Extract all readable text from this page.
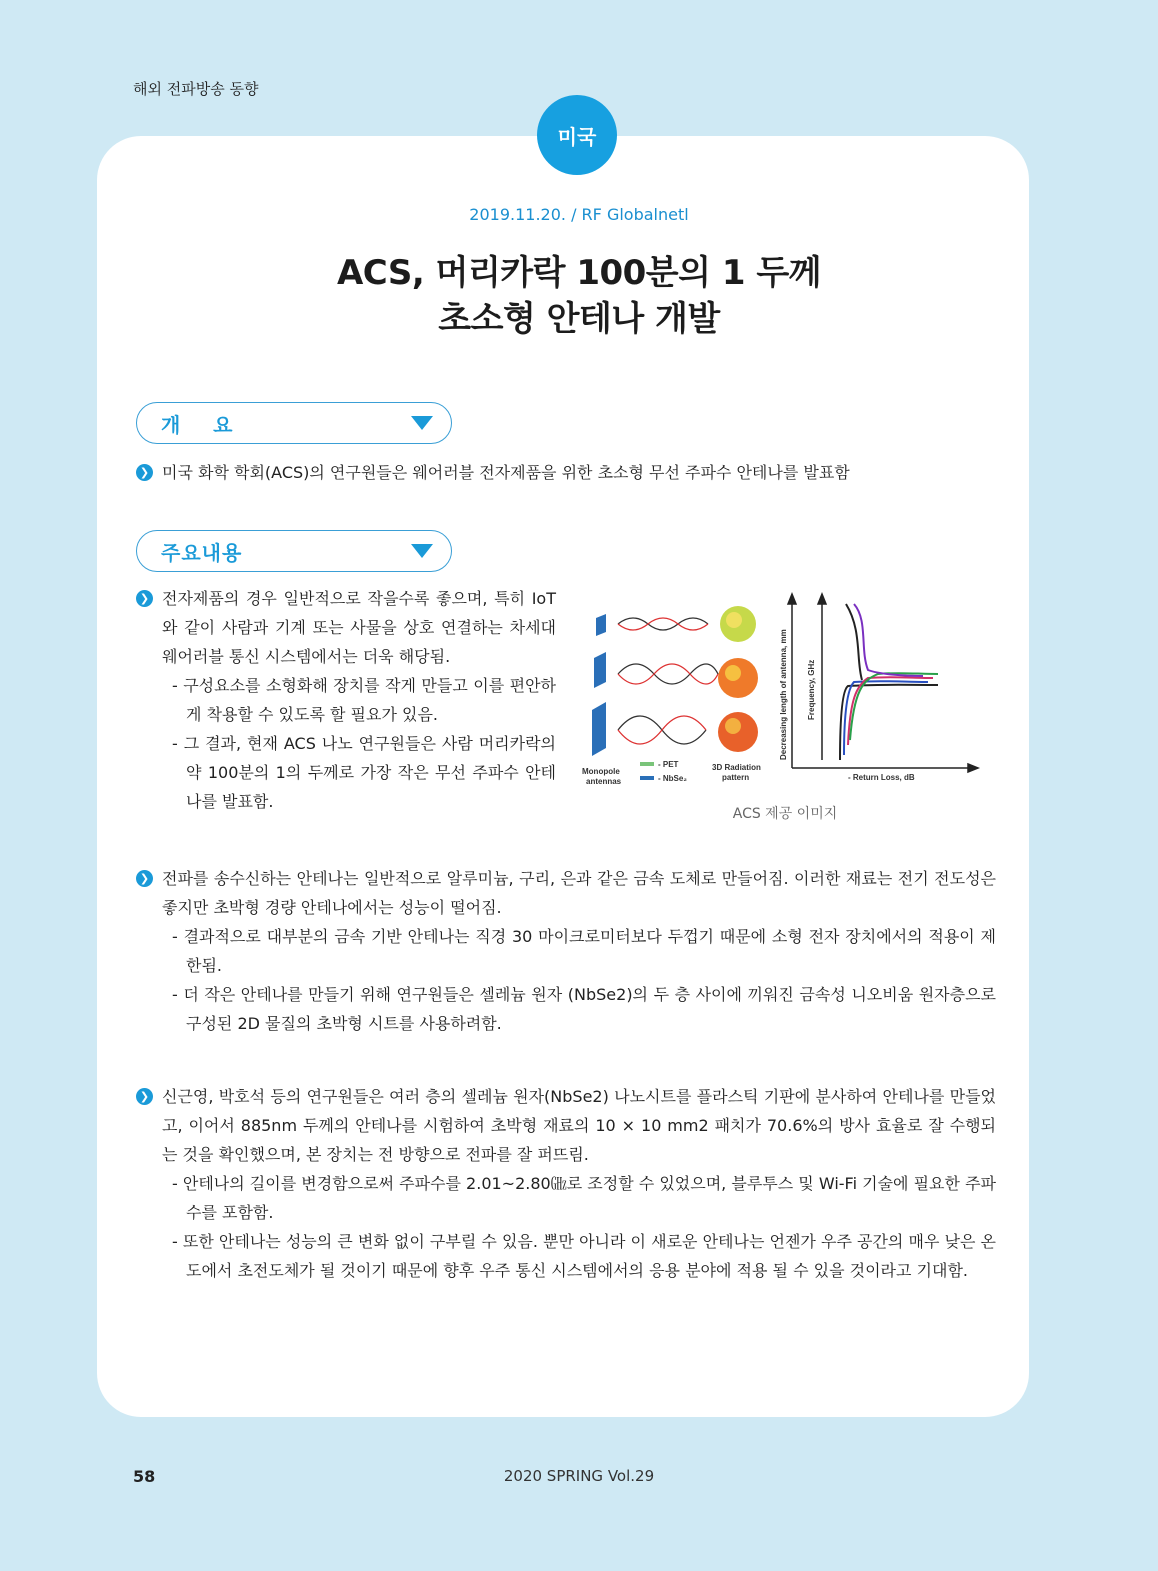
해외 전파방송 동향
미국
2019.11.20. / RF Globalnetl
ACS, 머리카락 100분의 1 두께
초소형 안테나 개발
개    요

❯ 미국 화학 학회(ACS)의 연구원들은 웨어러블 전자제품을 위한 초소형 무선 주파수 안테나를 발표함

주요내용
❯ 전자제품의 경우 일반적으로 작을수록 좋으며, 특히 IoT 와 같이 사람과 기계 또는 사물을 상호 연결하는 차세대 웨어러블 통신 시스템에서는 더욱 해당됨.
- 구성요소를 소형화해 장치를 작게 만들고 이를 편안하게 착용할 수 있도록 할 필요가 있음.
- 그 결과, 현재 ACS 나노 연구원들은 사람 머리카락의 약 100분의 1의 두께로 가장 작은 무선 주파수 안테나를 발표함.
Monopole
antennas
- PET
- NbSe₂
3D Radiation
pattern
Decreasing length of antenna, mm Frequency, GHz
- Return Loss, dB
ACS 제공 이미지
❯ 전파를 송수신하는 안테나는 일반적으로 알루미늄, 구리, 은과 같은 금속 도체로 만들어짐. 이러한 재료는 전기 전도성은 좋지만 초박형 경량 안테나에서는 성능이 떨어짐.
- 결과적으로 대부분의 금속 기반 안테나는 직경 30 마이크로미터보다 두껍기 때문에 소형 전자 장치에서의 적용이 제한됨.
- 더 작은 안테나를 만들기 위해 연구원들은 셀레늄 원자 (NbSe2)의 두 층 사이에 끼워진 금속성 니오비움 원자층으로 구성된 2D 물질의 초박형 시트를 사용하려함.
❯ 신근영, 박호석 등의 연구원들은 여러 층의 셀레늄 원자(NbSe2) 나노시트를 플라스틱 기판에 분사하여 안테나를 만들었고, 이어서 885nm 두께의 안테나를 시험하여 초박형 재료의 10 × 10 mm2 패치가 70.6%의 방사 효율로 잘 수행되는 것을 확인했으며, 본 장치는 전 방향으로 전파를 잘 퍼뜨림.
- 안테나의 길이를 변경함으로써 주파수를 2.01~2.80㎓로 조정할 수 있었으며, 블루투스 및 Wi-Fi 기술에 필요한 주파수를 포함함.
- 또한 안테나는 성능의 큰 변화 없이 구부릴 수 있음. 뿐만 아니라 이 새로운 안테나는 언젠가 우주 공간의 매우 낮은 온도에서 초전도체가 될 것이기 때문에 향후 우주 통신 시스템에서의 응용 분야에 적용 될 수 있을 것이라고 기대함.
58	2020 SPRING Vol.29
